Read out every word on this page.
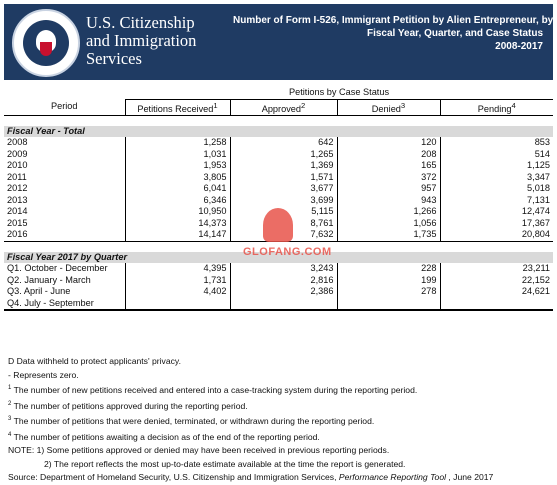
U.S. Citizenship
and Immigration
Services
Number of Form I-526, Immigrant Petition by Alien Entrepreneur, by
Fiscal Year, Quarter, and Case Status
2008-2017
	Petitions by Case Status			
Period	Petitions Received$^1$	Approved$^2$	Denied$^3$	Pending$^4$

Fiscal Year - Total				
2008	1,258	642	120	853
2009	1,031	1,265	208	514
2010	1,953	1,369	165	1,125
2011	3,805	1,571	372	3,347
2012	6,041	3,677	957	5,018
2013	6,346	3,699	943	7,131
2014	10,950	5,115	1,266	12,474
2015	14,373	8,761	1,056	17,367
2016	14,147	7,632	1,735	20,804

Fiscal Year 2017 by Quarter				
Q1. October - December	4,395	3,243	228	23,211
Q2. January - March	1,731	2,816	199	22,152
Q3. April - June	4,402	2,386	278	24,621
Q4. July - September				
GLOFANG.COM
D Data withheld to protect applicants' privacy.
- Represents zero.
$^1$ The number of new petitions received and entered into a case-tracking system during the reporting period.
$^2$ The number of petitions approved during the reporting period.
$^3$ The number of petitions that were denied, terminated, or withdrawn during the reporting period.
$^4$ The number of petitions awaiting a decision as of the end of the reporting period.
NOTE: 1) Some petitions approved or denied may have been received in previous reporting periods.
2) The report reflects the most up-to-date estimate available at the time the report is generated.
Source: Department of Homeland Security, U.S. Citizenship and Immigration Services, Performance Reporting Tool , June 2017
